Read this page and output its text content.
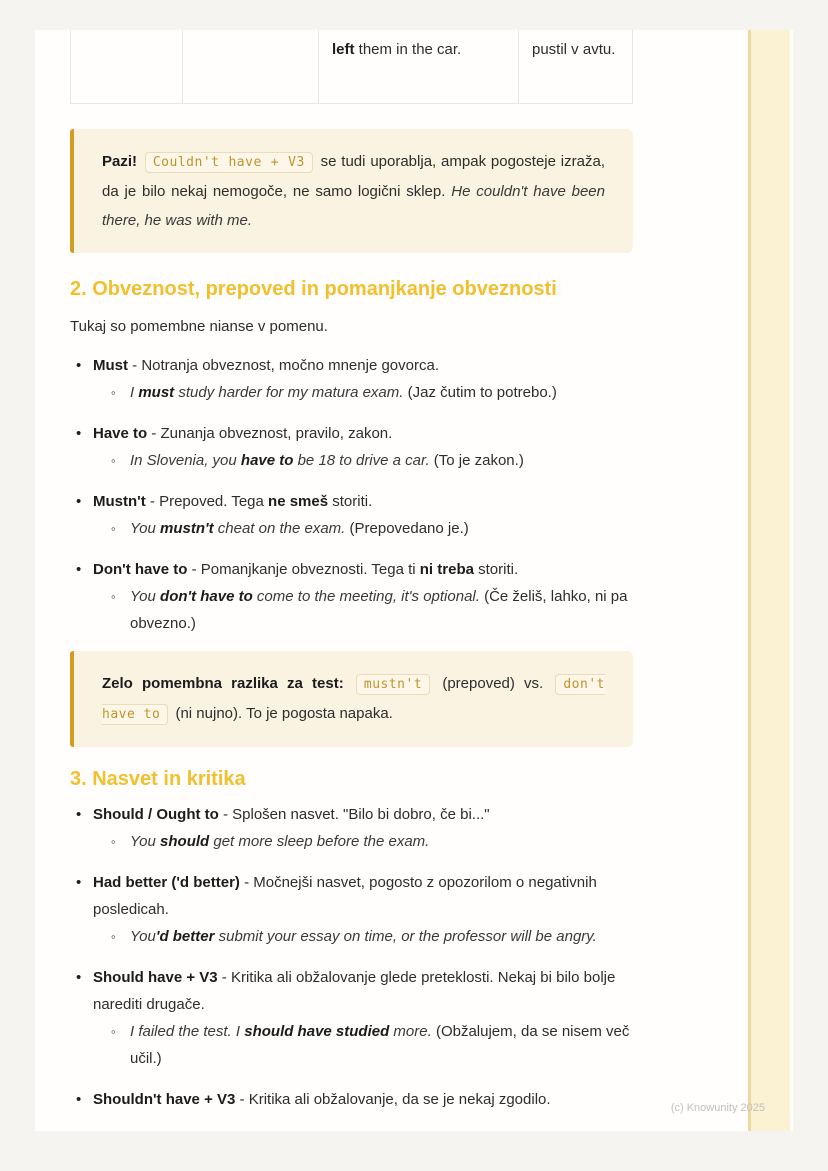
left them in the car.	pustil v avtu.

Pazi! Couldn't have + V3 se tudi uporablja, ampak pogosteje izraža, da je bilo nekaj nemogoče, ne samo logični sklep. He couldn't have been there, he was with me.

2. Obveznost, prepoved in pomanjkanje obveznosti

Tukaj so pomembne nianse v pomenu.

• Must - Notranja obveznost, močno mnenje govorca.
◦ I must study harder for my matura exam. (Jaz čutim to potrebo.)
• Have to - Zunanja obveznost, pravilo, zakon.
◦ In Slovenia, you have to be 18 to drive a car. (To je zakon.)
• Mustn't - Prepoved. Tega ne smeš storiti.
◦ You mustn't cheat on the exam. (Prepovedano je.)
• Don't have to - Pomanjkanje obveznosti. Tega ti ni treba storiti.
◦ You don't have to come to the meeting, it's optional. (Če želiš, lahko, ni pa obvezno.)

Zelo pomembna razlika za test: mustn't (prepoved) vs. don't have to (ni nujno). To je pogosta napaka.

3. Nasvet in kritika
• Should / Ought to - Splošen nasvet. "Bilo bi dobro, če bi..."
◦ You should get more sleep before the exam.
• Had better ('d better) - Močnejši nasvet, pogosto z opozorilom o negativnih posledicah.
◦ You'd better submit your essay on time, or the professor will be angry.
• Should have + V3 - Kritika ali obžalovanje glede preteklosti. Nekaj bi bilo bolje narediti drugače.
◦ I failed the test. I should have studied more. (Obžalujem, da se nisem več učil.)
• Shouldn't have + V3 - Kritika ali obžalovanje, da se je nekaj zgodilo.	(c) Knowunity 2025
